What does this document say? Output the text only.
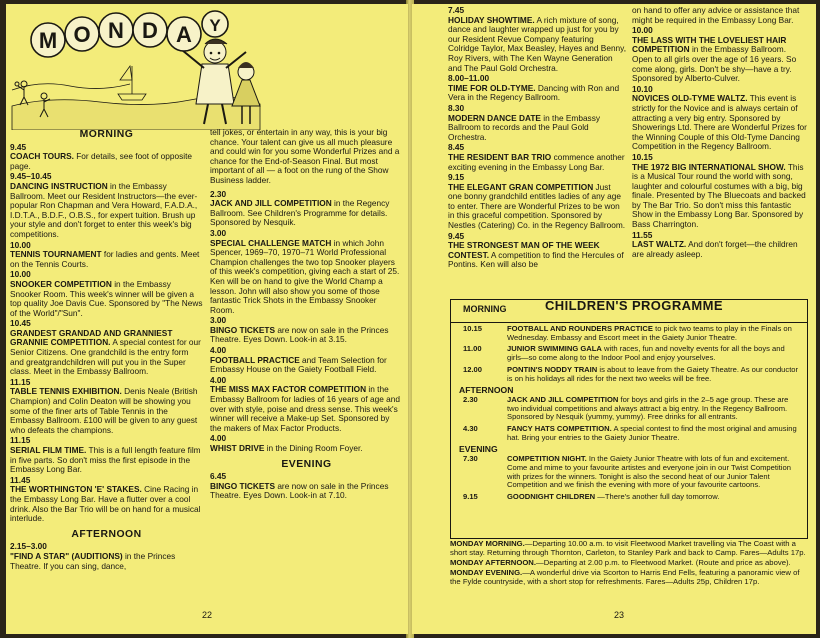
M O N D A Y
MORNING

9.45
COACH TOURS. For details, see foot of opposite page.

9.45–10.45
DANCING INSTRUCTION in the Embassy Ballroom. Meet our Resident Instructors—the ever-popular Ron Chapman and Vera Howard, F.A.D.A., I.D.T.A., B.D.F., O.B.S., for expert tuition. Brush up your style and don't forget to enter this week's big competitions.

10.00
TENNIS TOURNAMENT for ladies and gents. Meet on the Tennis Courts.

10.00
SNOOKER COMPETITION in the Embassy Snooker Room. This week's winner will be given a top quality Joe Davis Cue. Sponsored by "The News of the World"/"Sun".

10.45
GRANDEST GRANDAD AND GRANNIEST GRANNIE COMPETITION. A special contest for our Senior Citizens. One grandchild is the entry form and greatgrandchildren will put you in the Super class. Meet in the Embassy Ballroom.

11.15
TABLE TENNIS EXHIBITION. Denis Neale (British Champion) and Colin Deaton will be showing you some of the finer arts of Table Tennis in the Embassy Ballroom. £100 will be given to any guest who defeats the champions.

11.15
SERIAL FILM TIME. This is a full length feature film in five parts. So don't miss the first episode in the Embassy Long Bar.

11.45
THE WORTHINGTON 'E' STAKES. Cine Racing in the Embassy Long Bar. Have a flutter over a cool drink. Also the Bar Trio will be on hand for a musical interlude.

AFTERNOON

2.15–3.00
"FIND A STAR" (AUDITIONS) in the Princes Theatre. If you can sing, dance,

tell jokes, or entertain in any way, this is your big chance. Your talent can give us all much pleasure and could win for you some Wonderful Prizes and a chance for the End-of-Season Final. But most important of all — a foot on the rung of the Show Business ladder.

2.30
JACK AND JILL COMPETITION in the Regency Ballroom. See Children's Programme for details. Sponsored by Nesquik.

3.00
SPECIAL CHALLENGE MATCH in which John Spencer, 1969–70, 1970–71 World Professional Champion challenges the two top Snooker players of this week's competition, giving each a start of 25. Ken will be on hand to give the World Champ a lesson. John will also show you some of those fantastic Trick Shots in the Embassy Snooker Room.

3.00
BINGO TICKETS are now on sale in the Princes Theatre. Eyes Down. Look-in at 3.15.

4.00
FOOTBALL PRACTICE and Team Selection for Embassy House on the Gaiety Football Field.

4.00
THE MISS MAX FACTOR COMPETITION in the Embassy Ballroom for ladies of 16 years of age and over with style, poise and dress sense. This week's winner will receive a Make-up Set. Sponsored by the makers of Max Factor Products.

4.00
WHIST DRIVE in the Dining Room Foyer.

EVENING

6.45
BINGO TICKETS are now on sale in the Princes Theatre. Eyes Down. Look-in at 7.10.

22

7.45
HOLIDAY SHOWTIME. A rich mixture of song, dance and laughter wrapped up just for you by our Resident Revue Company featuring Colridge Taylor, Max Beasley, Hayes and Benny, Roy Rivers, with The Ken Wayne Generation and The Paul Gold Orchestra.

8.00–11.00
TIME FOR OLD-TYME. Dancing with Ron and Vera in the Regency Ballroom.

8.30
MODERN DANCE DATE in the Embassy Ballroom to records and the Paul Gold Orchestra.

8.45
THE RESIDENT BAR TRIO commence another exciting evening in the Embassy Long Bar.

9.15
THE ELEGANT GRAN COMPETITION Just one bonny grandchild entitles ladies of any age to enter. There are Wonderful Prizes to be won in this graceful competition. Sponsored by Nestles (Catering) Co. in the Regency Ballroom.

9.45
THE STRONGEST MAN OF THE WEEK CONTEST. A competition to find the Hercules of Pontins. Ken will also be

on hand to offer any advice or assistance that might be required in the Embassy Long Bar.

10.00
THE LASS WITH THE LOVELIEST HAIR COMPETITION in the Embassy Ballroom. Open to all girls over the age of 16 years. So come along, girls. Don't be shy—have a try. Sponsored by Alberto-Culver.

10.10
NOVICES OLD-TYME WALTZ. This event is strictly for the Novice and is always certain of attracting a very big entry. Sponsored by Showerings Ltd. There are Wonderful Prizes for the Winning Couple of this Old-Tyme Dancing Competition in the Regency Ballroom.

10.15
THE 1972 BIG INTERNATIONAL SHOW. This is a Musical Tour round the world with song, laughter and colourful costumes with a big, big finale. Presented by The Bluecoats and backed by The Bar Trio. So don't miss this fantastic Show in the Embassy Long Bar. Sponsored by Bass Charrington.

11.55
LAST WALTZ. And don't forget—the children are already asleep.

MORNING	CHILDREN'S PROGRAMME
10.15	FOOTBALL AND ROUNDERS PRACTICE to pick two teams to play in the Finals on Wednesday. Embassy and Escort meet in the Gaiety Junior Theatre.
11.00	JUNIOR SWIMMING GALA with races, fun and novelty events for all the boys and girls—so come along to the Indoor Pool and enjoy yourselves.
12.00	PONTIN'S NODDY TRAIN is about to leave from the Gaiety Theatre. As our conductor is on his holidays all rides for the next two weeks will be free.
AFTERNOON
2.30	JACK AND JILL COMPETITION for boys and girls in the 2–5 age group. These are two individual competitions and always attract a big entry. In the Regency Ballroom. Sponsored by Nesquik (yummy, yummy). Free drinks for all entrants.
4.30	FANCY HATS COMPETITION. A special contest to find the most original and amusing hat. Bring your entries to the Gaiety Junior Theatre.
EVENING
7.30	COMPETITION NIGHT. In the Gaiety Junior Theatre with lots of fun and excitement. Come and mime to your favourite artistes and everyone join in our Twist Competition with prizes for the winners. Tonight is also the second heat of our Junior Talent Competition and we finish the evening with more of your favourite cartoons.
9.15	GOODNIGHT CHILDREN —There's another full day tomorrow.

MONDAY MORNING.—Departing 10.00 a.m. to visit Fleetwood Market travelling via The Coast with a short stay. Returning through Thornton, Carleton, to Stanley Park and back to Camp. Fares—Adults 17p.

MONDAY AFTERNOON.—Departing at 2.00 p.m. to Fleetwood Market. (Route and price as above).

MONDAY EVENING.—A wonderful drive via Scorton to Harris End Fells, featuring a panoramic view of the Fylde countryside, with a short stop for refreshments. Fares—Adults 25p, Children 17p.

23
